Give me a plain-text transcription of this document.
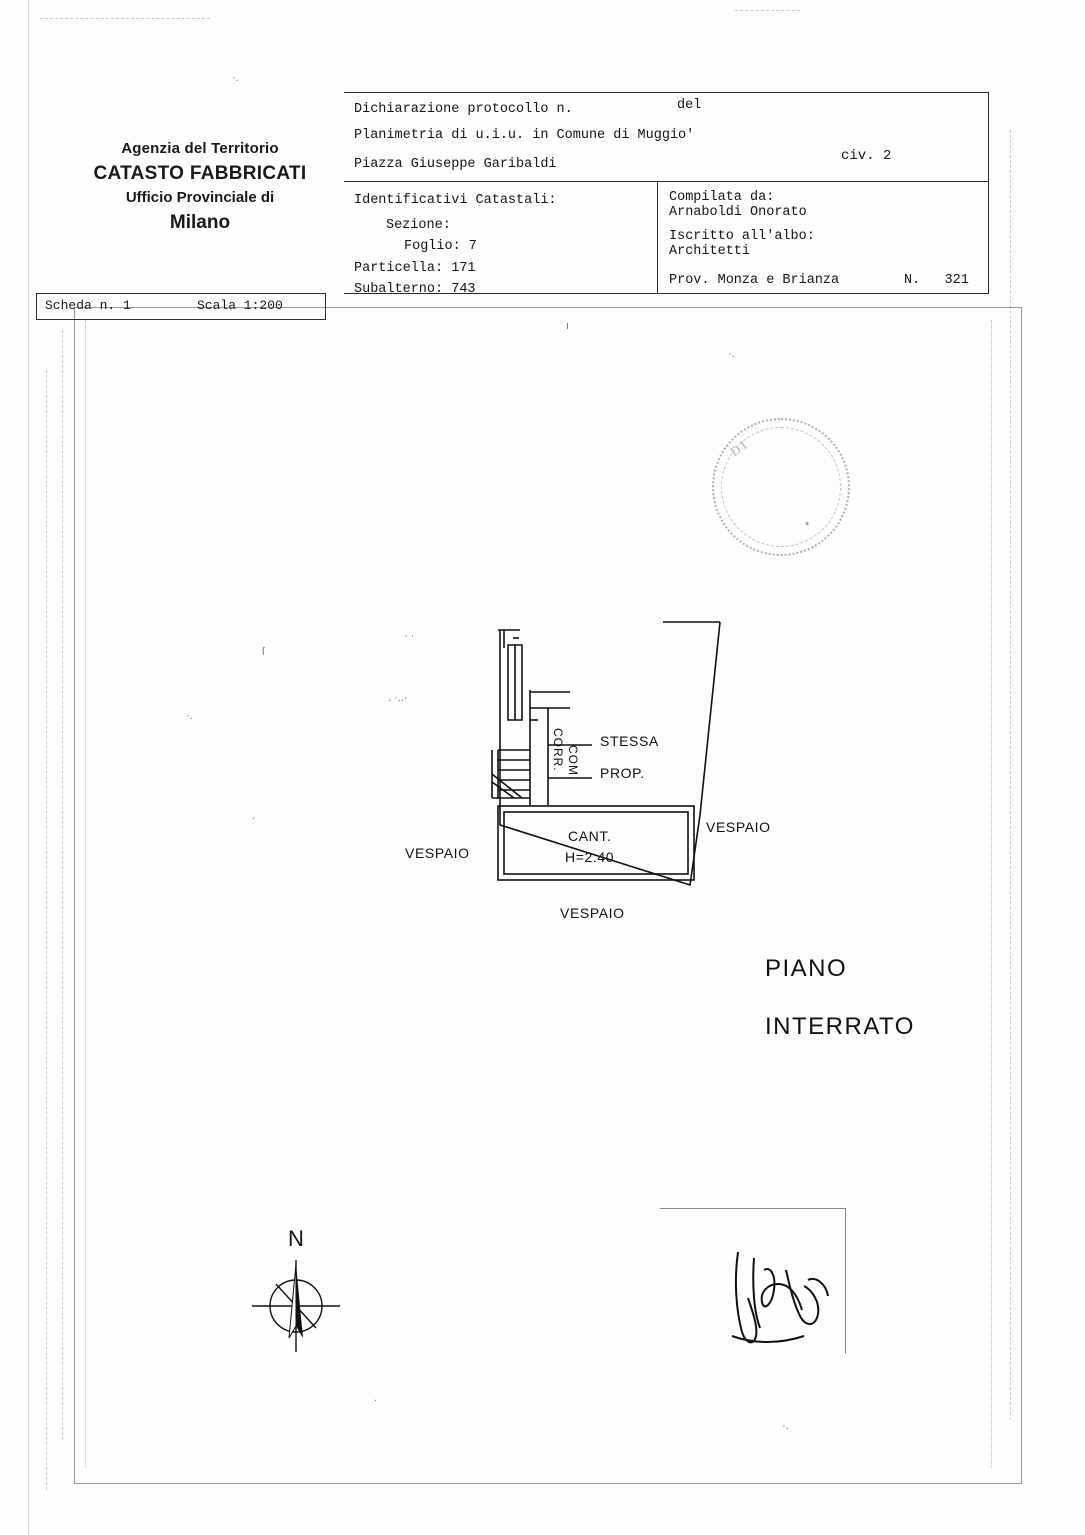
Agenzia del Territorio
CATASTO FABBRICATI
Ufficio Provinciale di
Milano
Scheda n. 1	Scala 1:200
Dichiarazione protocollo n.	del
Planimetria di u.i.u. in Comune di Muggio'
Piazza Giuseppe Garibaldi
civ. 2
Identificativi Catastali:
Sezione:
Foglio: 7
Particella: 171
Subalterno: 743
Compilata da:
Arnaboldi Onorato
Iscritto all'albo:
Architetti
Prov. Monza e Brianza	N. 321
DI
*
VESPAIO
VESPAIO
VESPAIO
STESSA
PROP.
CANT.
H=2.40
CORR. COM.
PIANO
INTERRATO
N
·.
·.
ı
· ·
. ·..·
ſ
·.
.
.
·.
